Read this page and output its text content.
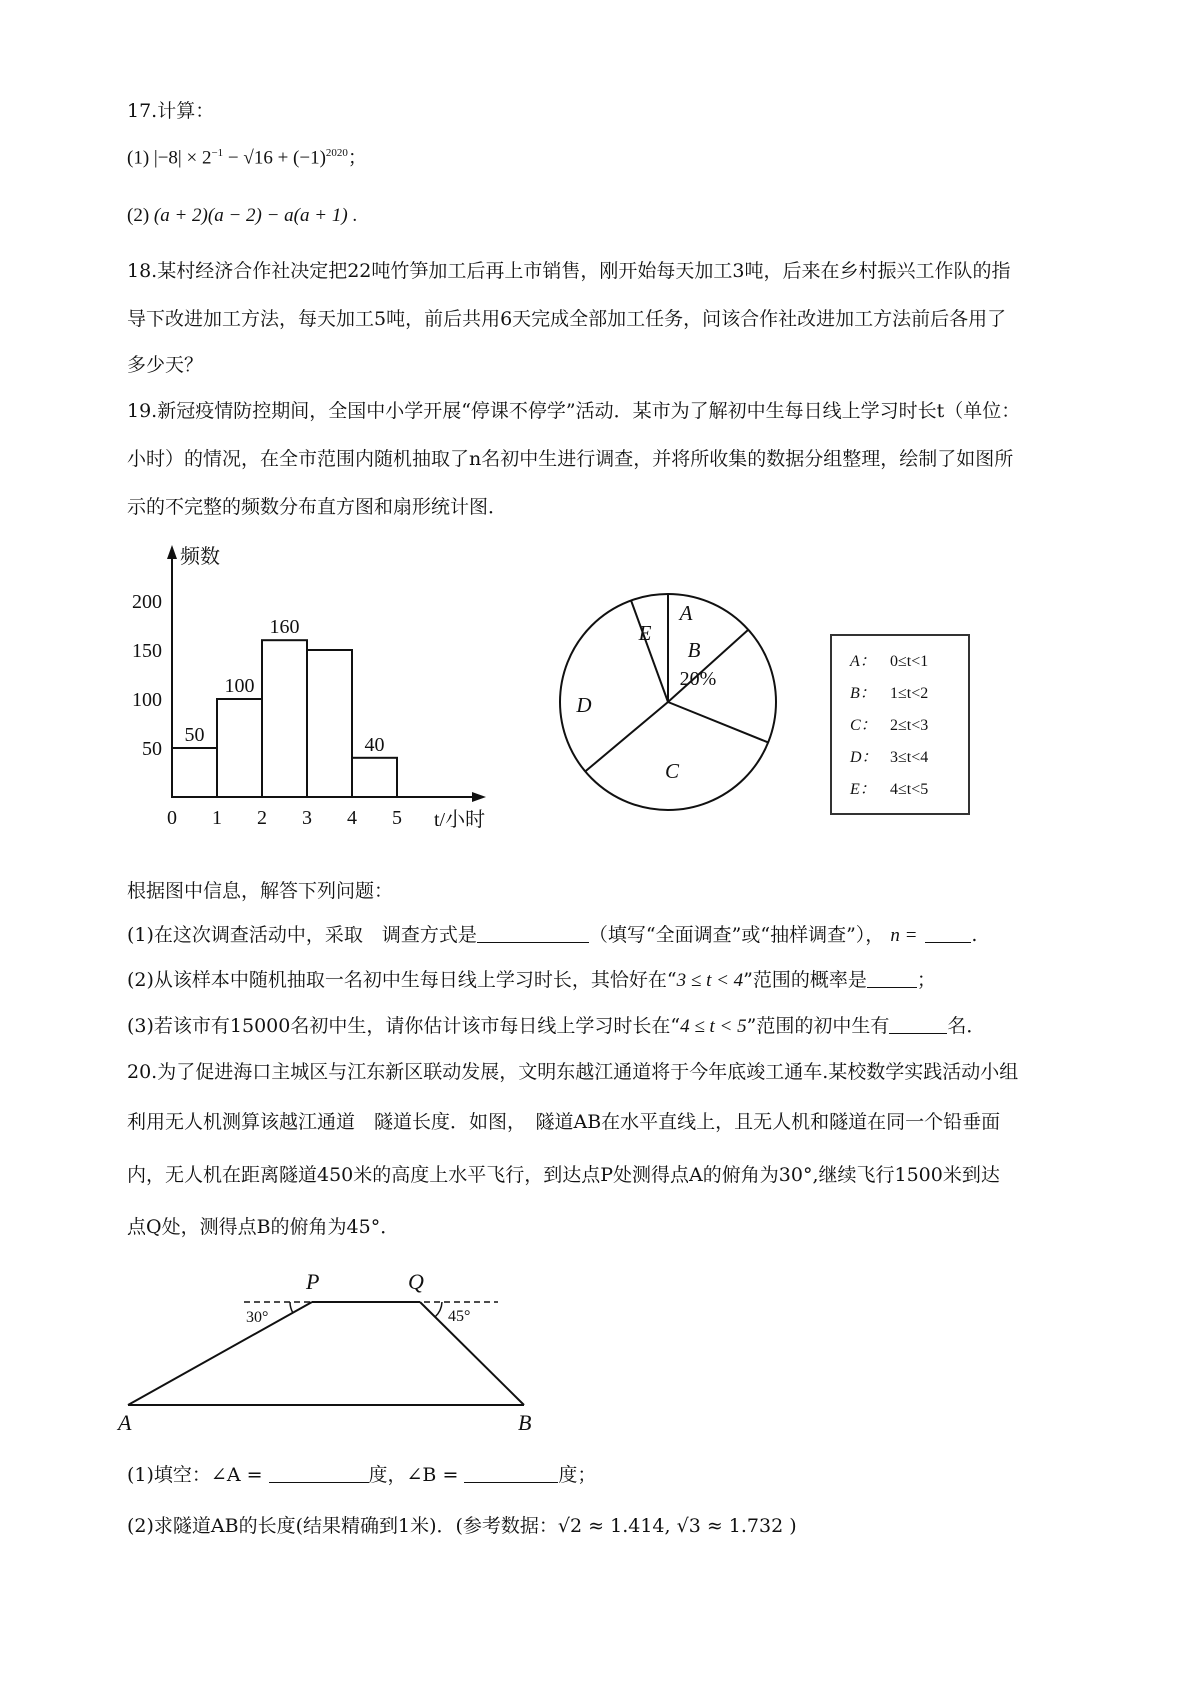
17.计算：
(1) $|-8| \times 2^{-1} - √16 + (-1)^{2020}$；
(2) (a + 2)(a − 2) − a(a + 1) .
18.某村经济合作社决定把22吨竹笋加工后再上市销售，刚开始每天加工3吨，后来在乡村振兴工作队的指
导下改进加工方法，每天加工5吨，前后共用6天完成全部加工任务，问该合作社改进加工方法前后各用了
多少天？
19.新冠疫情防控期间，全国中小学开展“停课不停学”活动．某市为了解初中生每日线上学习时长t（单位：
小时）的情况，在全市范围内随机抽取了n名初中生进行调查，并将所收集的数据分组整理，绘制了如图所
示的不完整的频数分布直方图和扇形统计图．
频数
50
100
160
40
0 1 2 3 4 5 t/小时
50
100
150
200	A
B
C
D
E
20%
A： 0≤t<1
B： 1≤t<2
C： 2≤t<3
D： 3≤t<4
E： 4≤t<5
根据图中信息，解答下列问题：
(1)在这次调查活动中，采取　调查方式是	（填写“全面调查”或“抽样调查”）， n =	.
(2)从该样本中随机抽取一名初中生每日线上学习时长，其恰好在“3 ≤ t < 4”范围的概率是	；
(3)若该市有15000名初中生，请你估计该市每日线上学习时长在“4 ≤ t < 5”范围的初中生有	名．
20.为了促进海口主城区与江东新区联动发展，文明东越江通道将于今年底竣工通车.某校数学实践活动小组
利用无人机测算该越江通道　隧道长度．如图，　隧道AB在水平直线上，且无人机和隧道在同一个铅垂面
内，无人机在距离隧道450米的高度上水平飞行，到达点P处测得点A的俯角为30°,继续飞行1500米到达
点Q处，测得点B的俯角为45°．
P	Q
A	B
30°	45°
(1)填空：∠A =	度，∠B =	度；
(2)求隧道AB的长度(结果精确到1米)．(参考数据：√2 ≈ 1.414, √3 ≈ 1.732 )
